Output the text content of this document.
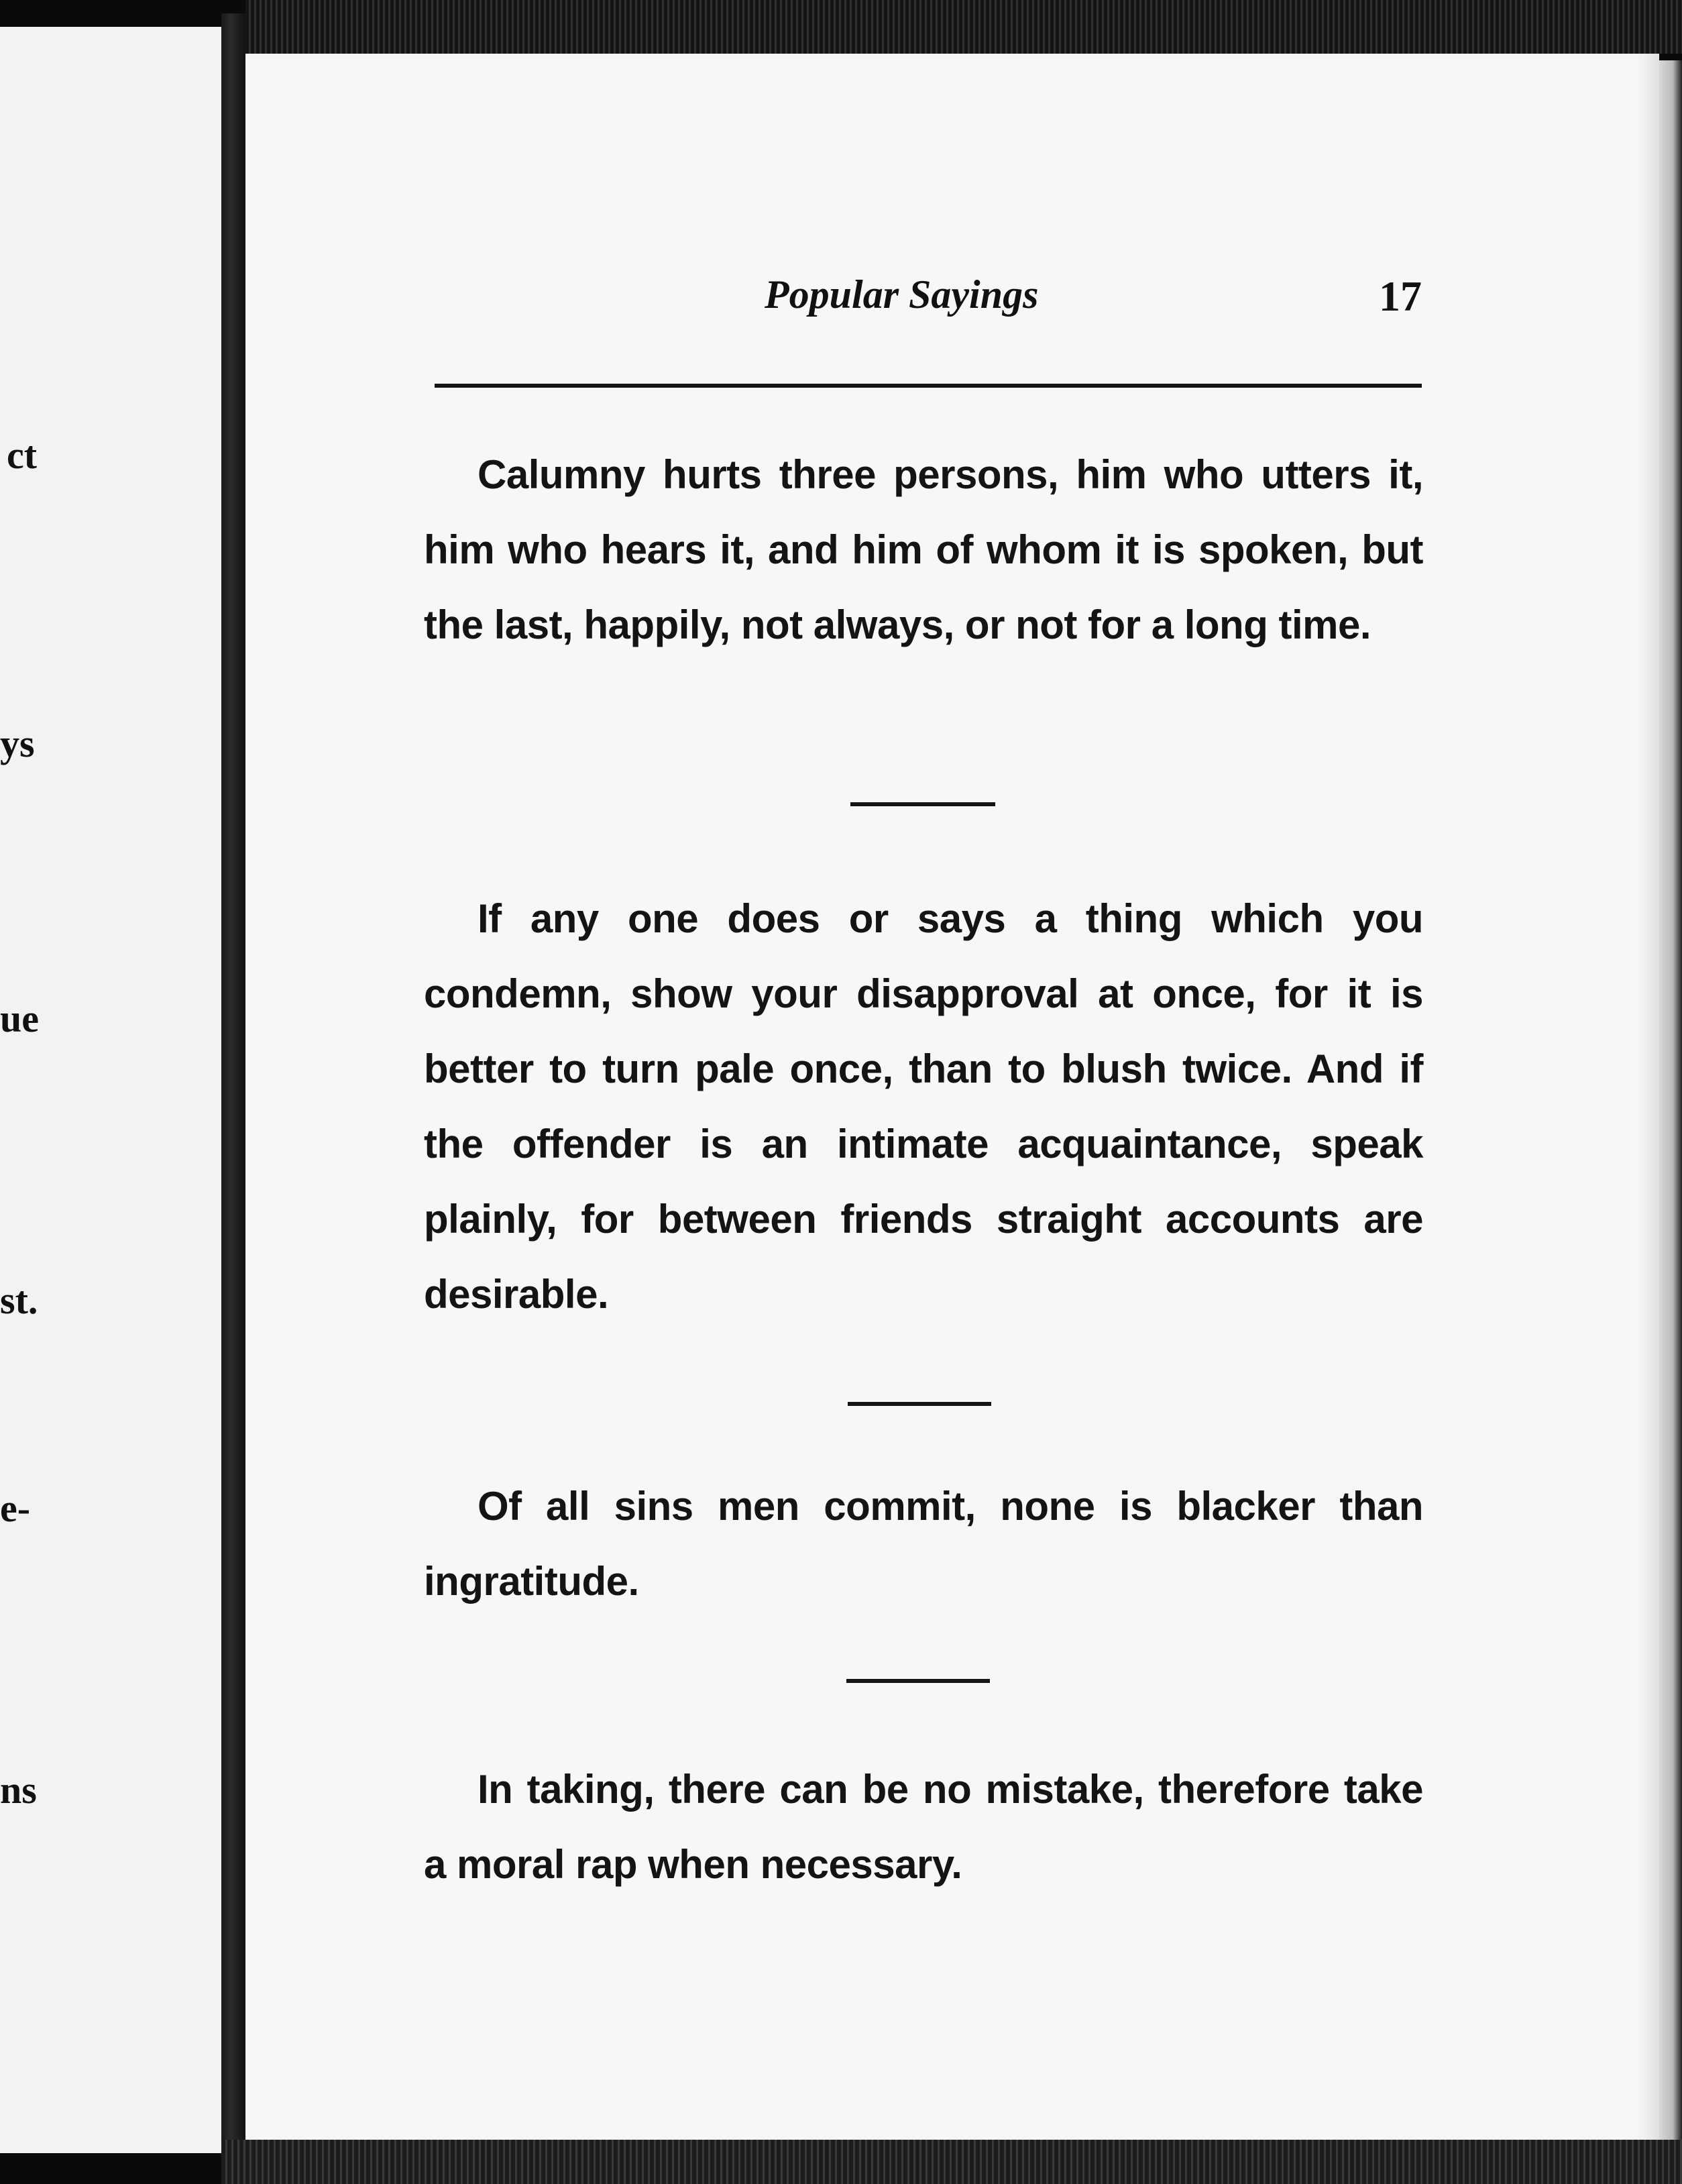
ct
ys
ue
st.
e-
ns
Popular Sayings	17

Calumny hurts three persons, him who utters it, him who hears it, and him of whom it is spoken, but the last, happily, not always, or not for a long time.

If any one does or says a thing which you condemn, show your disapproval at once, for it is better to turn pale once, than to blush twice. And if the offender is an intimate acquaintance, speak plainly, for between friends straight accounts are desirable.

Of all sins men commit, none is blacker than ingratitude.

In taking, there can be no mistake, therefore take a moral rap when necessary.
